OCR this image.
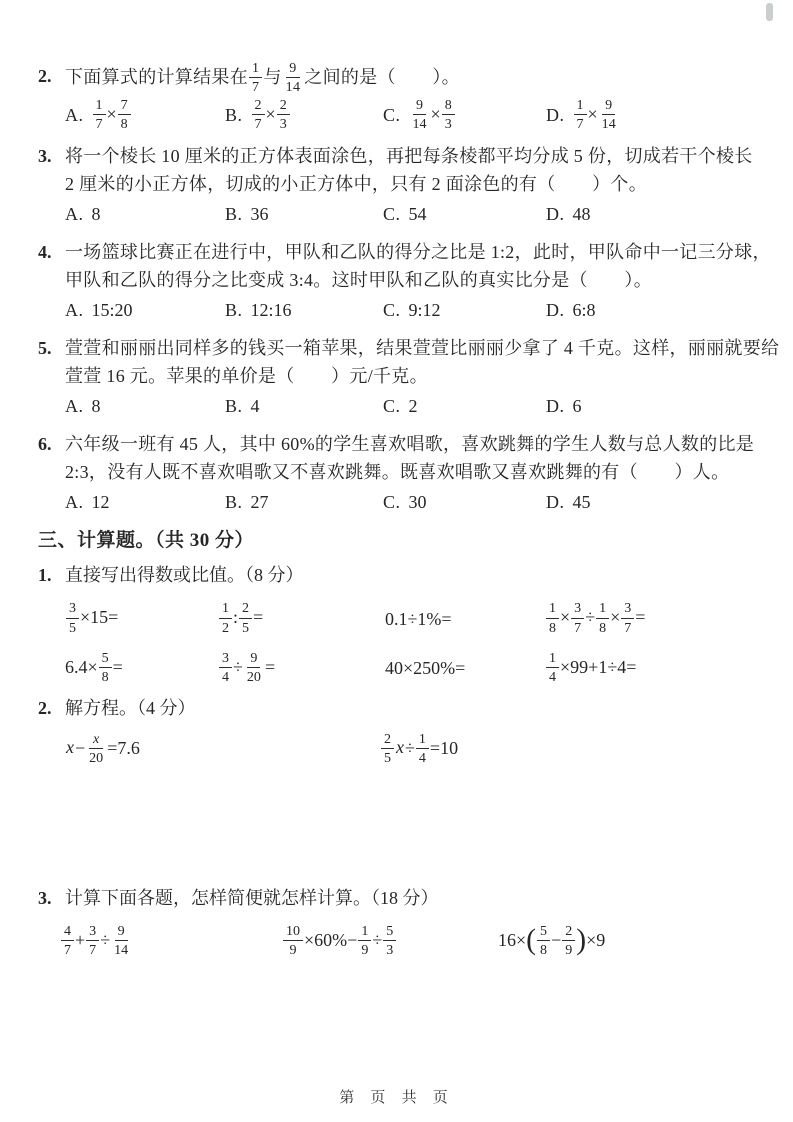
2. 下面算式的计算结果在 $\frac{1}{7}$ 与 $\frac{9}{14}$ 之间的是（　　）。
A. $\frac{1}{7} \times \frac{7}{8}$	B. $\frac{2}{7} \times \frac{2}{3}$	C. $\frac{9}{14} \times \frac{8}{3}$	D. $\frac{1}{7} \times \frac{9}{14}$
3. 将一个棱长 10 厘米的正方体表面涂色，再把每条棱都平均分成 5 份，切成若干个棱长
2 厘米的小正方体，切成的小正方体中，只有 2 面涂色的有（　　）个。
A. 8	B. 36	C. 54	D. 48
4. 一场篮球比赛正在进行中，甲队和乙队的得分之比是 1:2，此时，甲队命中一记三分球，
甲队和乙队的得分之比变成 3:4。这时甲队和乙队的真实比分是（　　）。
A. 15:20	B. 12:16	C. 9:12	D. 6:8
5. 萱萱和丽丽出同样多的钱买一箱苹果，结果萱萱比丽丽少拿了 4 千克。这样，丽丽就要给
萱萱 16 元。苹果的单价是（　　）元/千克。
A. 8	B. 4	C. 2	D. 6
6. 六年级一班有 45 人，其中 60%的学生喜欢唱歌，喜欢跳舞的学生人数与总人数的比是
2:3，没有人既不喜欢唱歌又不喜欢跳舞。既喜欢唱歌又喜欢跳舞的有（　　）人。
A. 12	B. 27	C. 30	D. 45
三、计算题。（共 30 分）
1. 直接写出得数或比值。（8 分）
$\frac{3}{5} \times 15=$	$\frac{1}{2}$ : $\frac{2}{5}$ =	0.1÷1%=	$\frac{1}{8} \times \frac{3}{7} \div \frac{1}{8} \times \frac{3}{7}$ =
$6.4\times \frac{5}{8}$ =	$\frac{3}{4} \div \frac{9}{20}$ =	40×250%=	$\frac{1}{4} \times 99+1\div 4=$
2. 解方程。（4 分）
$x- \frac{x}{20} =7.6$	$\frac{2}{5} x\div \frac{1}{4} =10$
3. 计算下面各题，怎样简便就怎样计算。（18 分）
$\frac{4}{7} + \frac{3}{7} \div \frac{9}{14}$	$\frac{10}{9} \times 60\%- \frac{1}{9} \div \frac{5}{3}$	$16\times( \frac{5}{8} - \frac{2}{9} )\times 9$
第 页 共 页
